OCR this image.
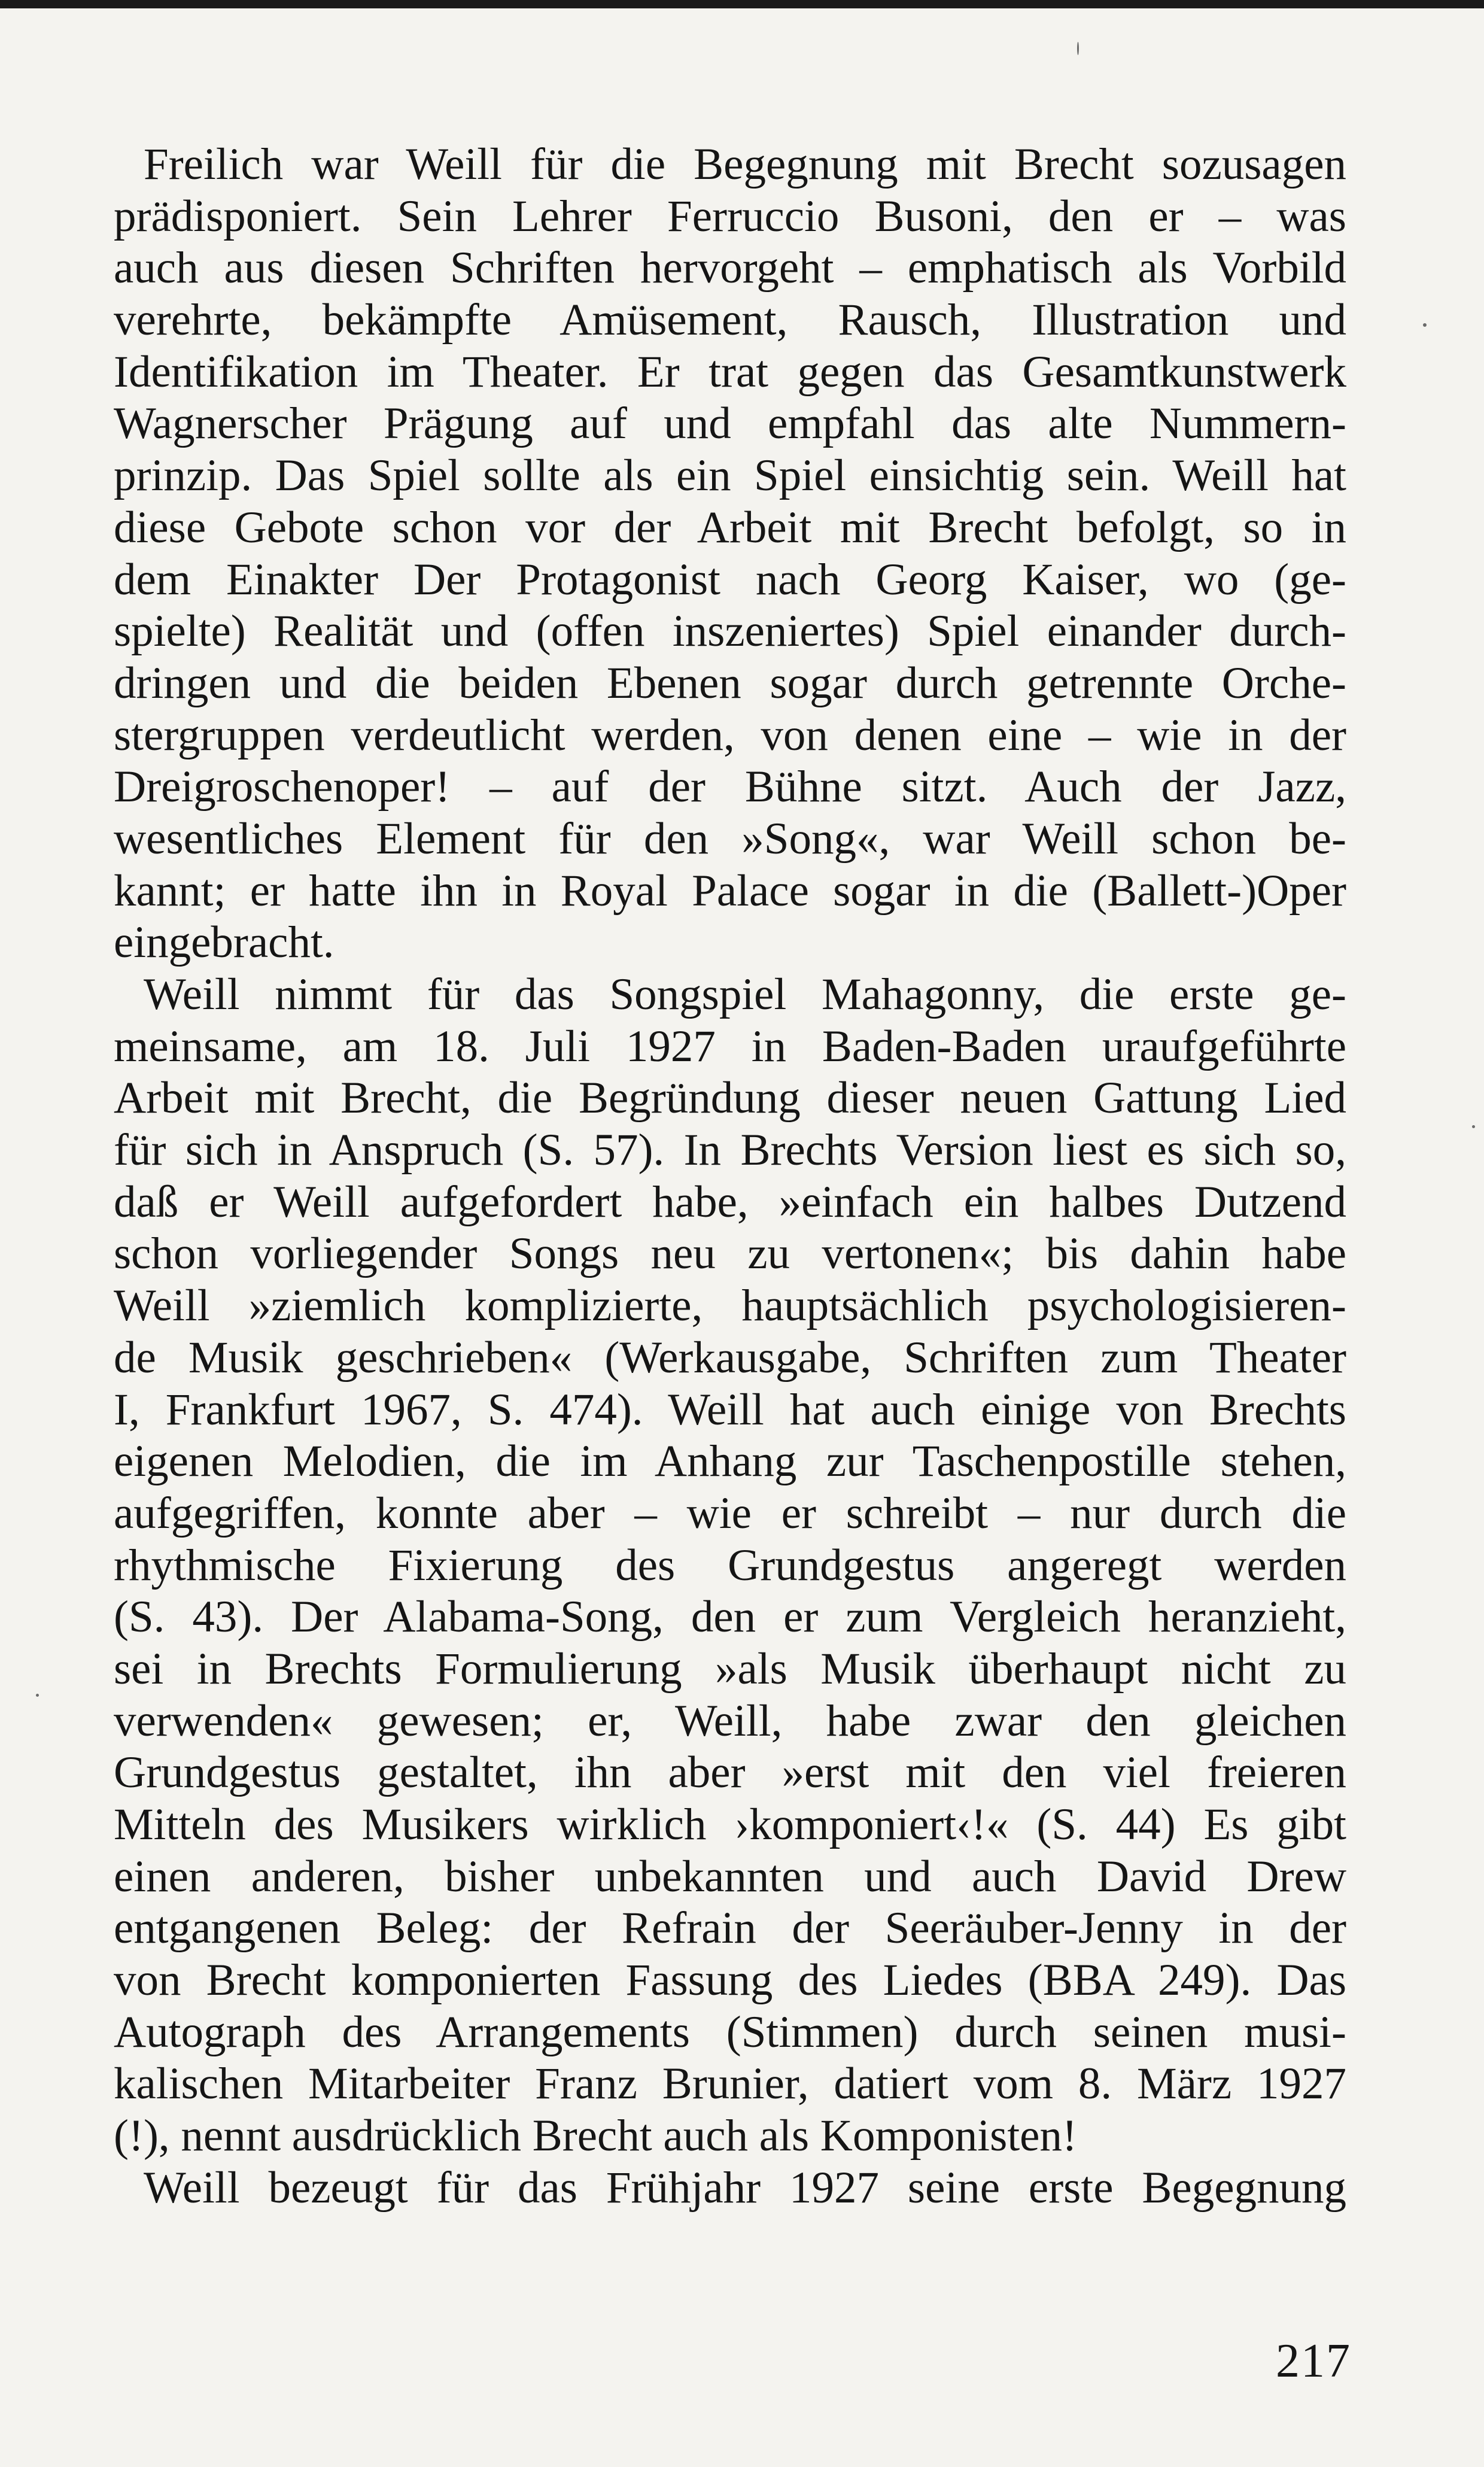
Freilich war Weill für die Begegnung mit Brecht sozusagen
prädisponiert. Sein Lehrer Ferruccio Busoni, den er – was
auch aus diesen Schriften hervorgeht – emphatisch als Vorbild
verehrte, bekämpfte Amüsement, Rausch, Illustration und
Identifikation im Theater. Er trat gegen das Gesamtkunstwerk
Wagnerscher Prägung auf und empfahl das alte Nummern-
prinzip. Das Spiel sollte als ein Spiel einsichtig sein. Weill hat
diese Gebote schon vor der Arbeit mit Brecht befolgt, so in
dem Einakter Der Protagonist nach Georg Kaiser, wo (ge-
spielte) Realität und (offen inszeniertes) Spiel einander durch-
dringen und die beiden Ebenen sogar durch getrennte Orche-
stergruppen verdeutlicht werden, von denen eine – wie in der
Dreigroschenoper! – auf der Bühne sitzt. Auch der Jazz,
wesentliches Element für den »Song«, war Weill schon be-
kannt; er hatte ihn in Royal Palace sogar in die (Ballett-)Oper
eingebracht.
Weill nimmt für das Songspiel Mahagonny, die erste ge-
meinsame, am 18. Juli 1927 in Baden-Baden uraufgeführte
Arbeit mit Brecht, die Begründung dieser neuen Gattung Lied
für sich in Anspruch (S. 57). In Brechts Version liest es sich so,
daß er Weill aufgefordert habe, »einfach ein halbes Dutzend
schon vorliegender Songs neu zu vertonen«; bis dahin habe
Weill »ziemlich komplizierte, hauptsächlich psychologisieren-
de Musik geschrieben« (Werkausgabe, Schriften zum Theater
I, Frankfurt 1967, S. 474). Weill hat auch einige von Brechts
eigenen Melodien, die im Anhang zur Taschenpostille stehen,
aufgegriffen, konnte aber – wie er schreibt – nur durch die
rhythmische Fixierung des Grundgestus angeregt werden
(S. 43). Der Alabama-Song, den er zum Vergleich heranzieht,
sei in Brechts Formulierung »als Musik überhaupt nicht zu
verwenden« gewesen; er, Weill, habe zwar den gleichen
Grundgestus gestaltet, ihn aber »erst mit den viel freieren
Mitteln des Musikers wirklich ›komponiert‹!« (S. 44) Es gibt
einen anderen, bisher unbekannten und auch David Drew
entgangenen Beleg: der Refrain der Seeräuber-Jenny in der
von Brecht komponierten Fassung des Liedes (BBA 249). Das
Autograph des Arrangements (Stimmen) durch seinen musi-
kalischen Mitarbeiter Franz Brunier, datiert vom 8. März 1927
(!), nennt ausdrücklich Brecht auch als Komponisten!
Weill bezeugt für das Frühjahr 1927 seine erste Begegnung
217
